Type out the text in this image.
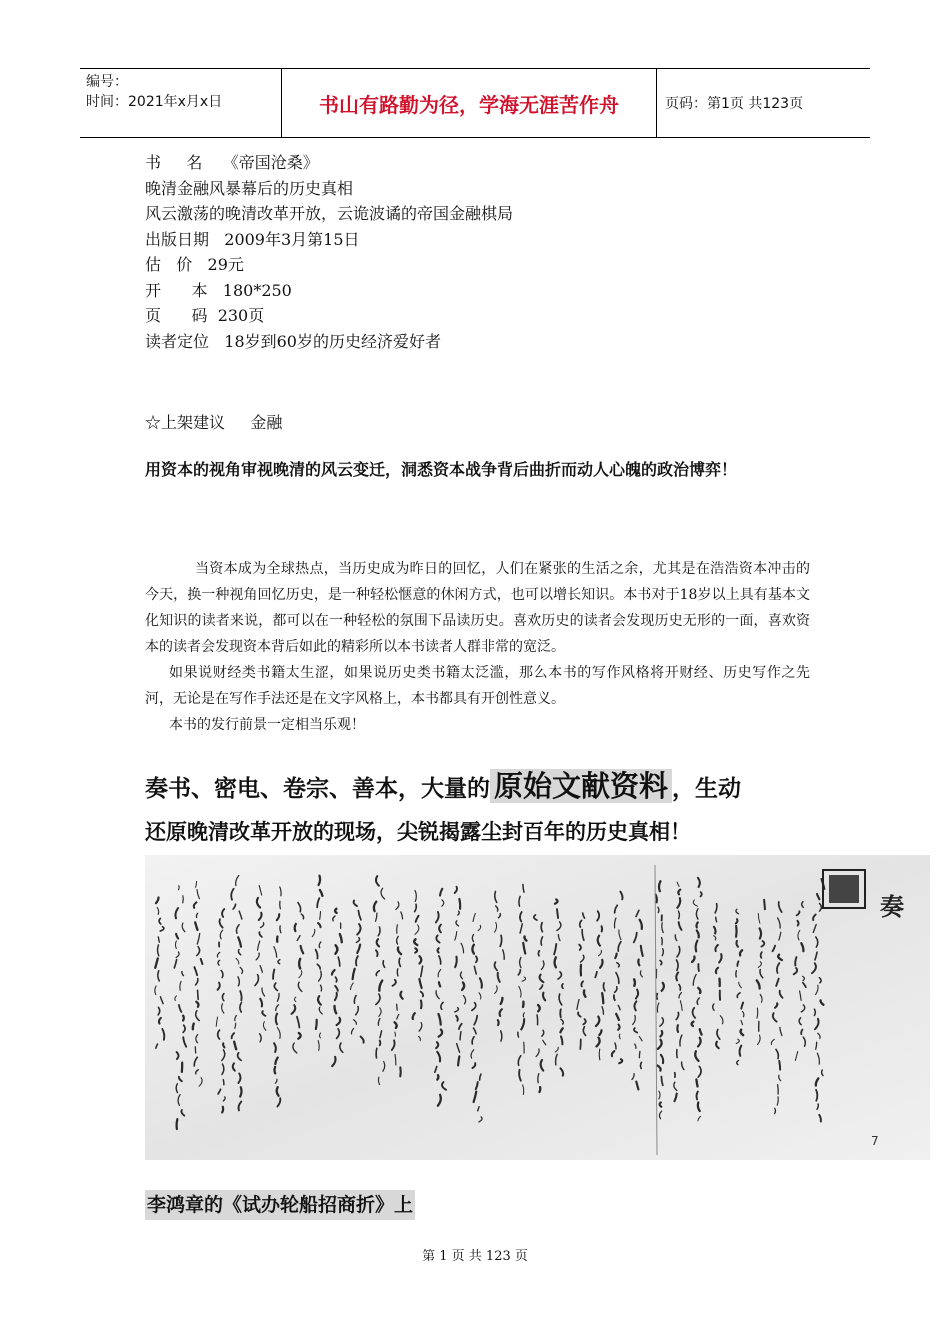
编号：
时间：2021年x月x日	书山有路勤为径，学海无涯苦作舟	页码：第1页 共123页

书     名    《帝国沧桑》

晚清金融风暴幕后的历史真相

风云激荡的晚清改革开放，云诡波谲的帝国金融棋局

出版日期   2009年3月第15日

估   价   29元

开      本   180*250

页      码  230页

读者定位   18岁到60岁的历史经济爱好者

☆上架建议     金融

用资本的视角审视晚清的风云变迁，洞悉资本战争背后曲折而动人心魄的政治博弈！

当资本成为全球热点，当历史成为昨日的回忆，人们在紧张的生活之余，尤其是在浩浩资本冲击的今天，换一种视角回忆历史，是一种轻松惬意的休闲方式，也可以增长知识。本书对于18岁以上具有基本文化知识的读者来说，都可以在一种轻松的氛围下品读历史。喜欢历史的读者会发现历史无形的一面，喜欢资本的读者会发现资本背后如此的精彩所以本书读者人群非常的宽泛。

如果说财经类书籍太生涩，如果说历史类书籍太泛滥，那么本书的写作风格将开财经、历史写作之先河，无论是在写作手法还是在文字风格上，本书都具有开创性意义。

本书的发行前景一定相当乐观！

奏书、密电、卷宗、善本，大量的 原始文献资料 ，生动

还原晚清改革开放的现场，尖锐揭露尘封百年的历史真相！

奏
7

李鸿章的《试办轮船招商折》上

第 1 页 共 123 页
